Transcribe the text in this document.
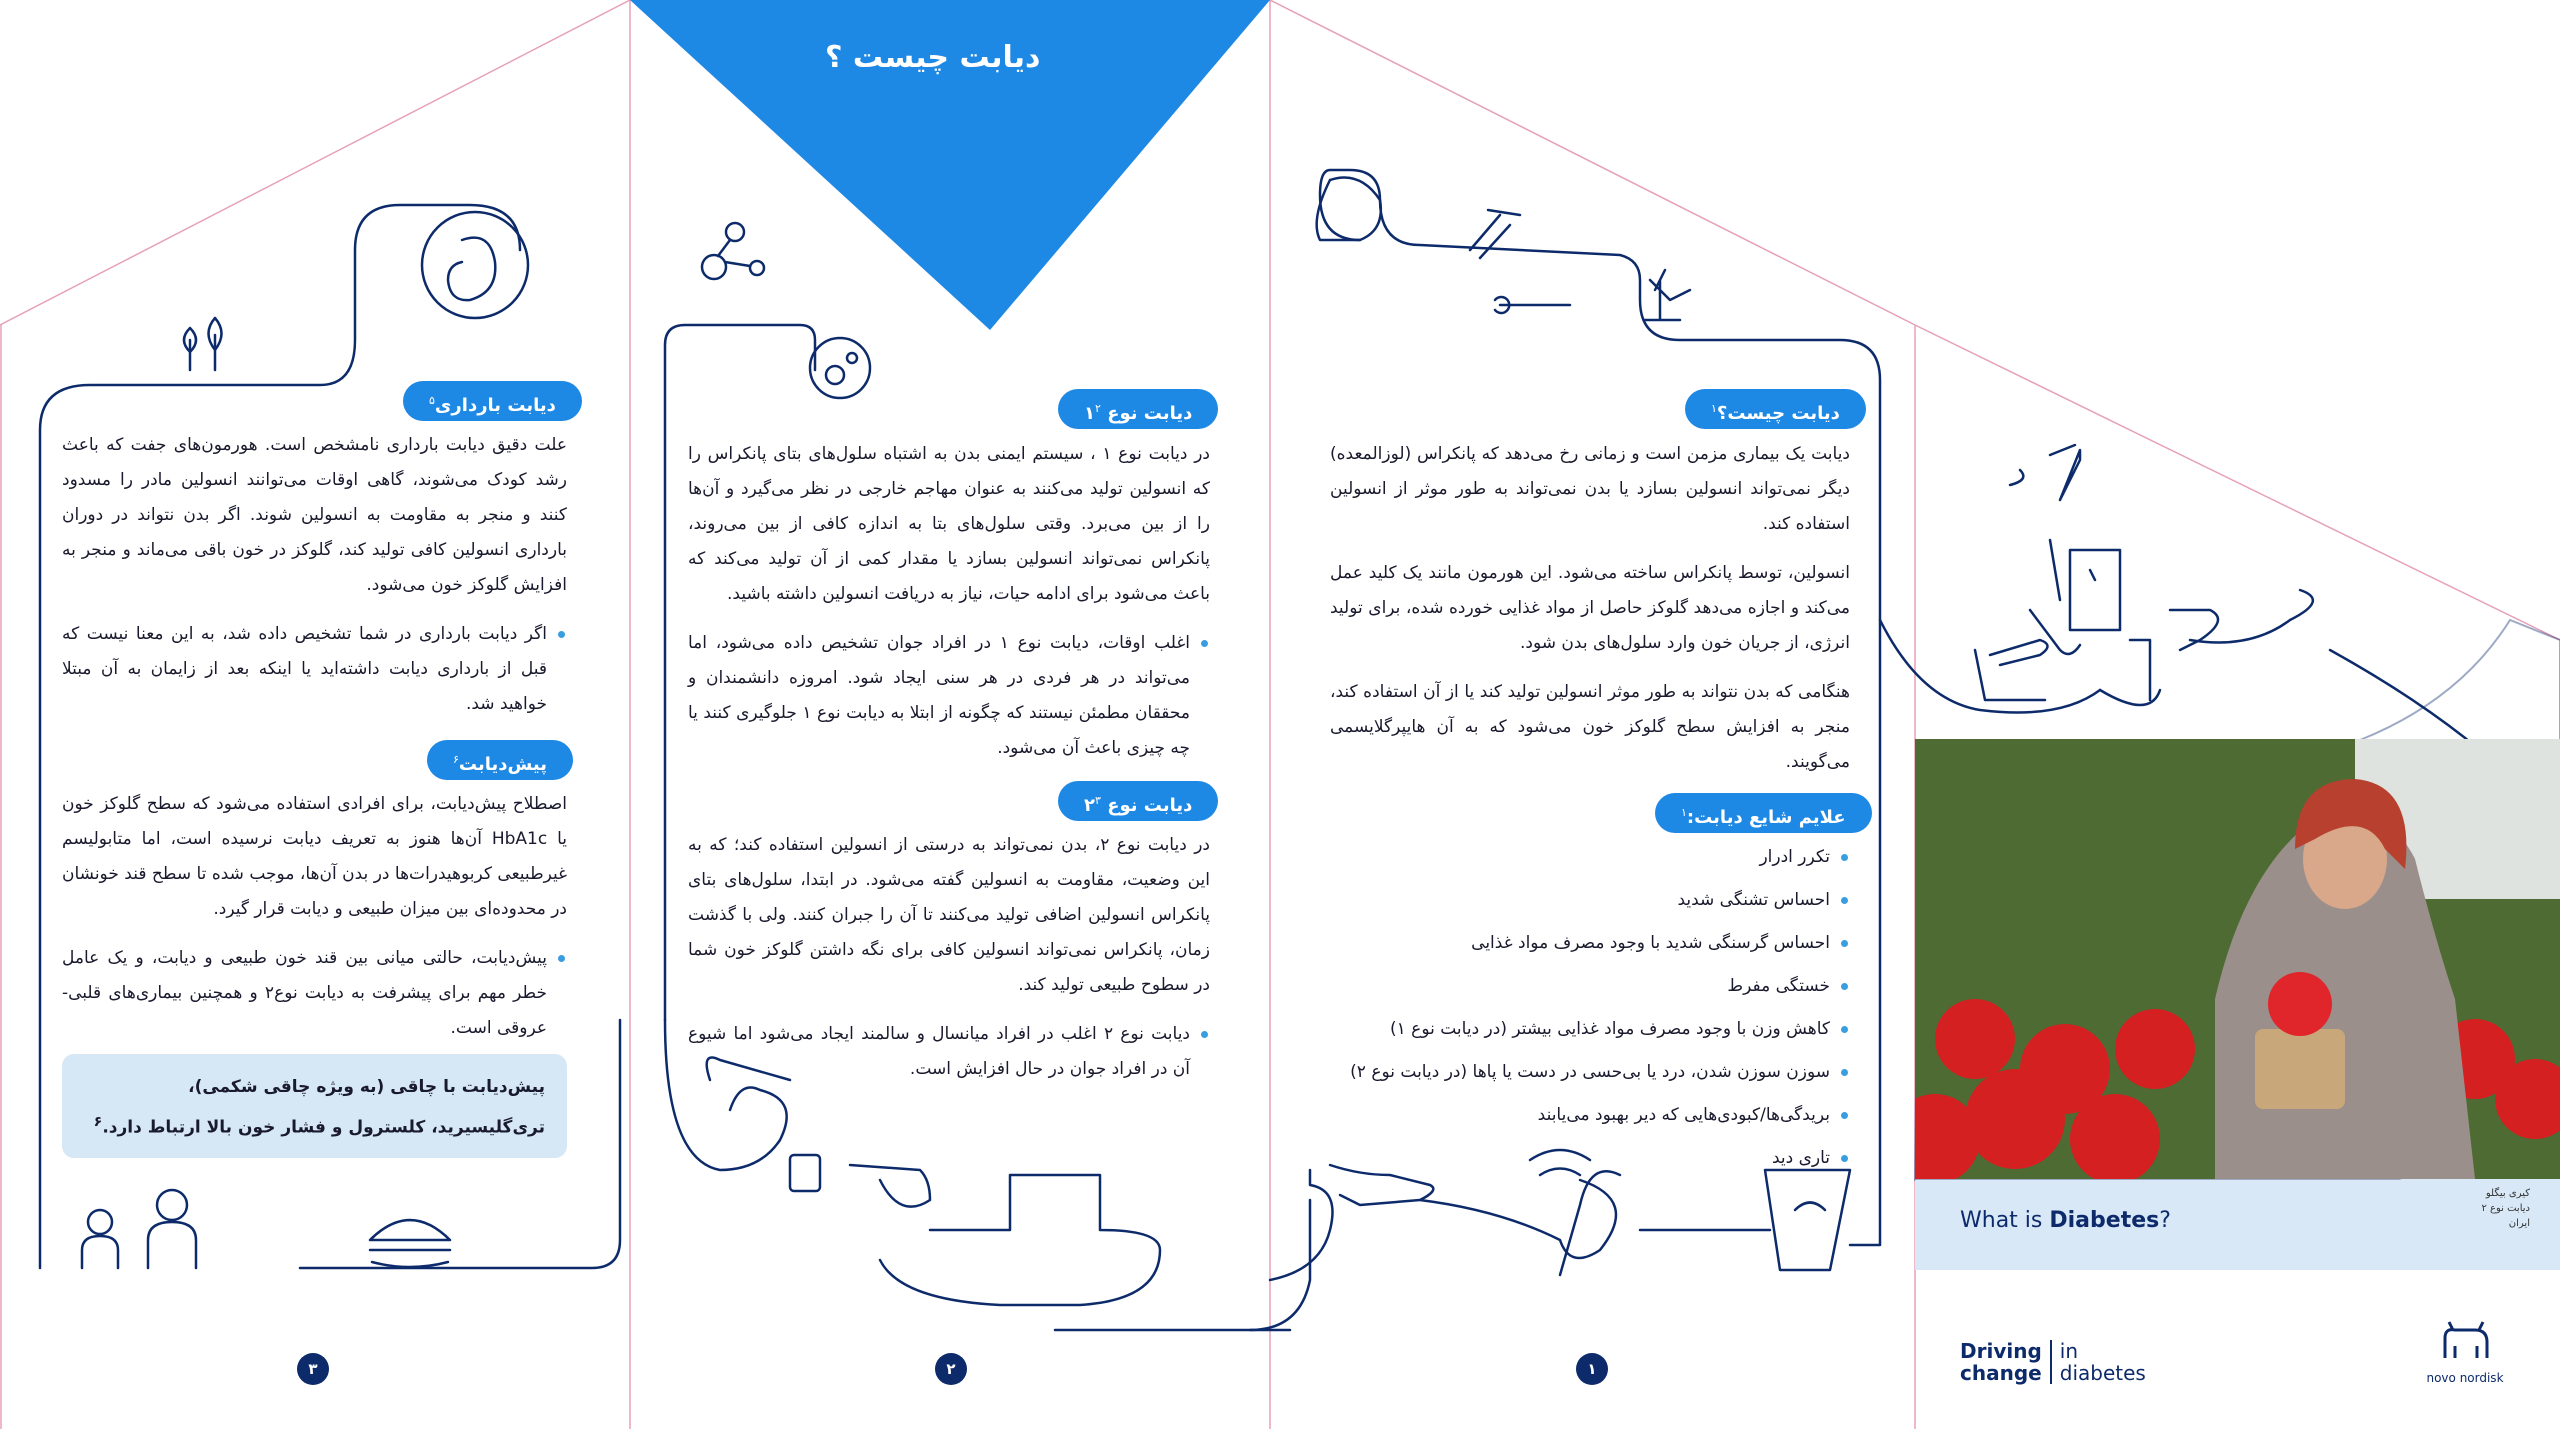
دیابت چیست ؟
دیابت چیست؟$^۱$

دیابت یک بیماری مزمن است و زمانی رخ می‌دهد که پانکراس (لوزالمعده) دیگر نمی‌تواند انسولین بسازد یا بدن نمی‌تواند به طور موثر از انسولین استفاده کند.

انسولین، توسط پانکراس ساخته می‌شود. این هورمون مانند یک کلید عمل می‌کند و اجازه می‌دهد گلوکز حاصل از مواد غذایی خورده شده، برای تولید انرژی، از جریان خون وارد سلول‌های بدن شود.

هنگامی که بدن نتواند به طور موثر انسولین تولید کند یا از آن استفاده کند، منجر به افزایش سطح گلوکز خون می‌شود که به آن هایپرگلایسمی می‌گویند.

علایم شایع دیابت:$^۱$
تکرر ادرار
احساس تشنگی شدید
احساس گرسنگی شدید با وجود مصرف مواد غذایی
خستگی مفرط
کاهش وزن با وجود مصرف مواد غذایی بیشتر (در دیابت نوع ۱)
سوزن سوزن شدن، درد یا بی‌حسی در دست یا پاها (در دیابت نوع ۲)
بریدگی‌ها/کبودی‌هایی که دیر بهبود می‌یابند
تاری دید
۱
دیابت نوع $۱^۲$

در دیابت نوع ۱ ، سیستم ایمنی بدن به اشتباه سلول‌های بتای پانکراس را که انسولین تولید می‌کنند به عنوان مهاجم خارجی در نظر می‌گیرد و آن‌ها را از بین می‌برد. وقتی سلول‌های بتا به اندازه کافی از بین می‌روند، پانکراس نمی‌تواند انسولین بسازد یا مقدار کمی از آن تولید می‌کند که باعث می‌شود برای ادامه حیات، نیاز به دریافت انسولین داشته باشید.

اغلب اوقات، دیابت نوع ۱ در افراد جوان تشخیص داده می‌شود، اما می‌تواند در هر فردی در هر سنی ایجاد شود. امروزه دانشمندان و محققان مطمئن نیستند که چگونه از ابتلا به دیابت نوع ۱ جلوگیری کنند یا چه چیزی باعث آن می‌شود.
دیابت نوع $۲^۳$

در دیابت نوع ۲، بدن نمی‌تواند به درستی از انسولین استفاده کند؛ که به این وضعیت، مقاومت به انسولین گفته می‌شود. در ابتدا، سلول‌های بتای پانکراس انسولین اضافی تولید می‌کنند تا آن را جبران کنند. ولی با گذشت زمان، پانکراس نمی‌تواند انسولین کافی برای نگه داشتن گلوکز خون شما در سطوح طبیعی تولید کند.

دیابت نوع ۲ اغلب در افراد میانسال و سالمند ایجاد می‌شود اما شیوع آن در افراد جوان در حال افزایش است.
۲
دیابت بارداری$^۵$

علت دقیق دیابت بارداری نامشخص است. هورمون‌های جفت که باعث رشد کودک می‌شوند، گاهی اوقات می‌توانند انسولین مادر را مسدود کنند و منجر به مقاومت به انسولین شوند. اگر بدن نتواند در دوران بارداری انسولین کافی تولید کند، گلوکز در خون باقی می‌ماند و منجر به افزایش گلوکز خون می‌شود.

اگر دیابت بارداری در شما تشخیص داده شد، به این معنا نیست که قبل از بارداری دیابت داشته‌اید یا اینکه بعد از زایمان به آن مبتلا خواهید شد.
پیش‌دیابت$^۶$

اصطلاح پیش‌دیابت، برای افرادی استفاده می‌شود که سطح گلوکز خون یا HbA1c آن‌ها هنوز به تعریف دیابت نرسیده است، اما متابولیسم غیرطبیعی کربوهیدرات‌ها در بدن آن‌ها، موجب شده تا سطح قند خونشان در محدوده‌ای بین میزان طبیعی و دیابت قرار گیرد.

پیش‌دیابت، حالتی میانی بین قند خون طبیعی و دیابت، و یک عامل خطر مهم برای پیشرفت به دیابت نوع۲ و همچنین بیماری‌های قلبی-عروقی است.
پیش‌دیابت با چاقی (به ویژه چاقی شکمی)، تری‌گلیسیرید، کلسترول و فشار خون بالا ارتباط دارد.$^۶$
۳
What is Diabetes?
کیری بیگلو
دیابت نوع ۲
ایران
Driving
changein
diabetes	novo nordisk
